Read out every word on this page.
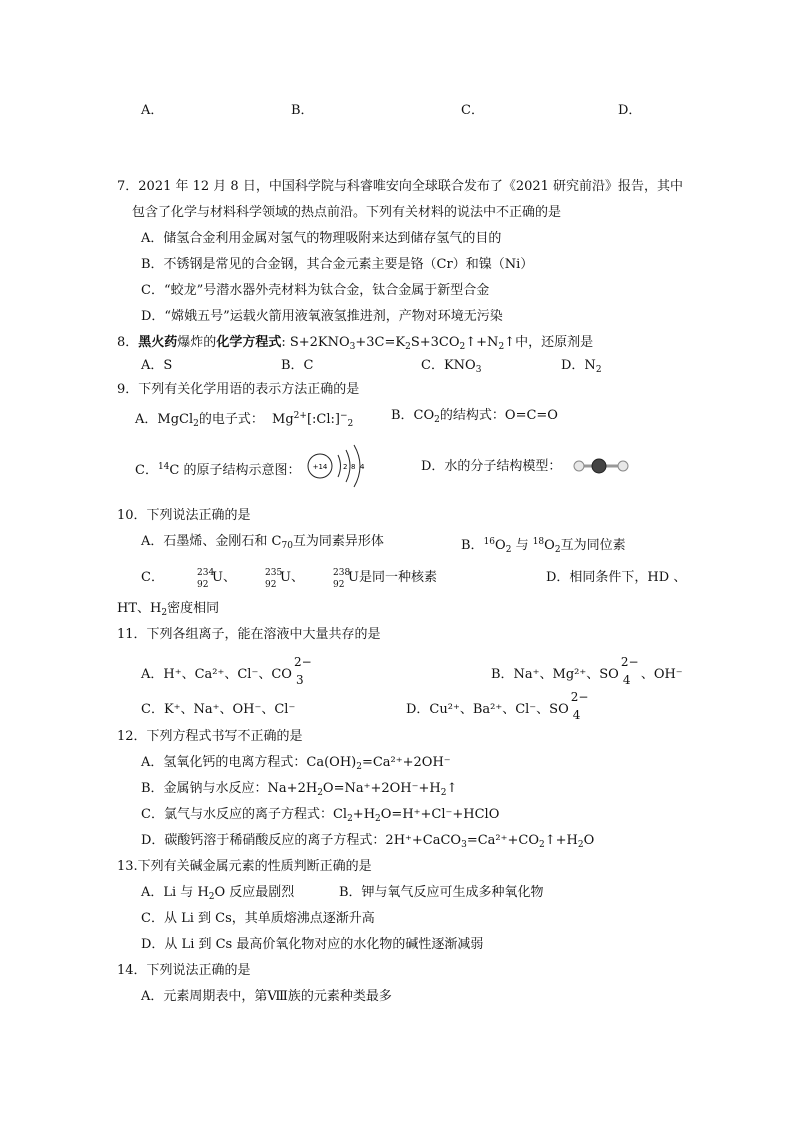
A．	B．	C．	D．
7．2021 年 12 月 8 日，中国科学院与科睿唯安向全球联合发布了《2021 研究前沿》报告，其中
包含了化学与材料科学领域的热点前沿。下列有关材料的说法中不正确的是
A．储氢合金利用金属对氢气的物理吸附来达到储存氢气的目的
B．不锈钢是常见的合金钢，其合金元素主要是铬（Cr）和镍（Ni）
C．“蛟龙”号潜水器外壳材料为钛合金，钛合金属于新型合金
D．“嫦娥五号”运载火箭用液氧液氢推进剂，产物对环境无污染
8．黑火药爆炸的化学方程式: $S+2KNO_3+3C=K_2S+3CO_2↑+N_2↑$中，还原剂是
A．S	B．C	C．$KNO_3$	D．$N_2$
9．下列有关化学用语的表示方法正确的是
A．MgCl$_2$的电子式： $Mg^{2+}[:Cl:]^-_2$
B．$CO_2$的结构式：O=C=O
C．$^{14}$C 的原子结构示意图： +14 2 8 4	D．水的分子结构模型：
10．下列说法正确的是
A．石墨烯、金刚石和 $C_{70}$互为同素异形体	B．$^{16}O_2$ 与 $^{18}O_2$互为同位素
C．	234
92 U、	235
92 U、	238
92 U是同一种核素	D．相同条件下，HD 、
HT、$H_2$密度相同
11．下列各组离子，能在溶液中大量共存的是
A．H⁺、Ca²⁺、Cl⁻、CO
2−
3	B．Na⁺、Mg²⁺、SO
2−
4 、OH⁻
C．K⁺、Na⁺、OH⁻、Cl⁻	D．Cu²⁺、Ba²⁺、Cl⁻、SO
2−
4
12．下列方程式书写不正确的是
A．氢氧化钙的电离方程式：$Ca(OH)_2=Ca^{2+}+2OH^-$
B．金属钠与水反应：$Na+2H_2O=Na^++2OH^-+H_2↑$
C．氯气与水反应的离子方程式：$Cl_2+H_2O=H^++Cl^-+HClO$
D．碳酸钙溶于稀硝酸反应的离子方程式：$2H^++CaCO_3=Ca^{2+}+CO_2↑+H_2O$
13.下列有关碱金属元素的性质判断正确的是
A．Li 与 $H_2O$ 反应最剧烈	B．钾与氧气反应可生成多种氧化物
C．从 Li 到 Cs，其单质熔沸点逐渐升高
D．从 Li 到 Cs 最高价氧化物对应的水化物的碱性逐渐减弱
14．下列说法正确的是
A．元素周期表中，第Ⅷ族的元素种类最多
